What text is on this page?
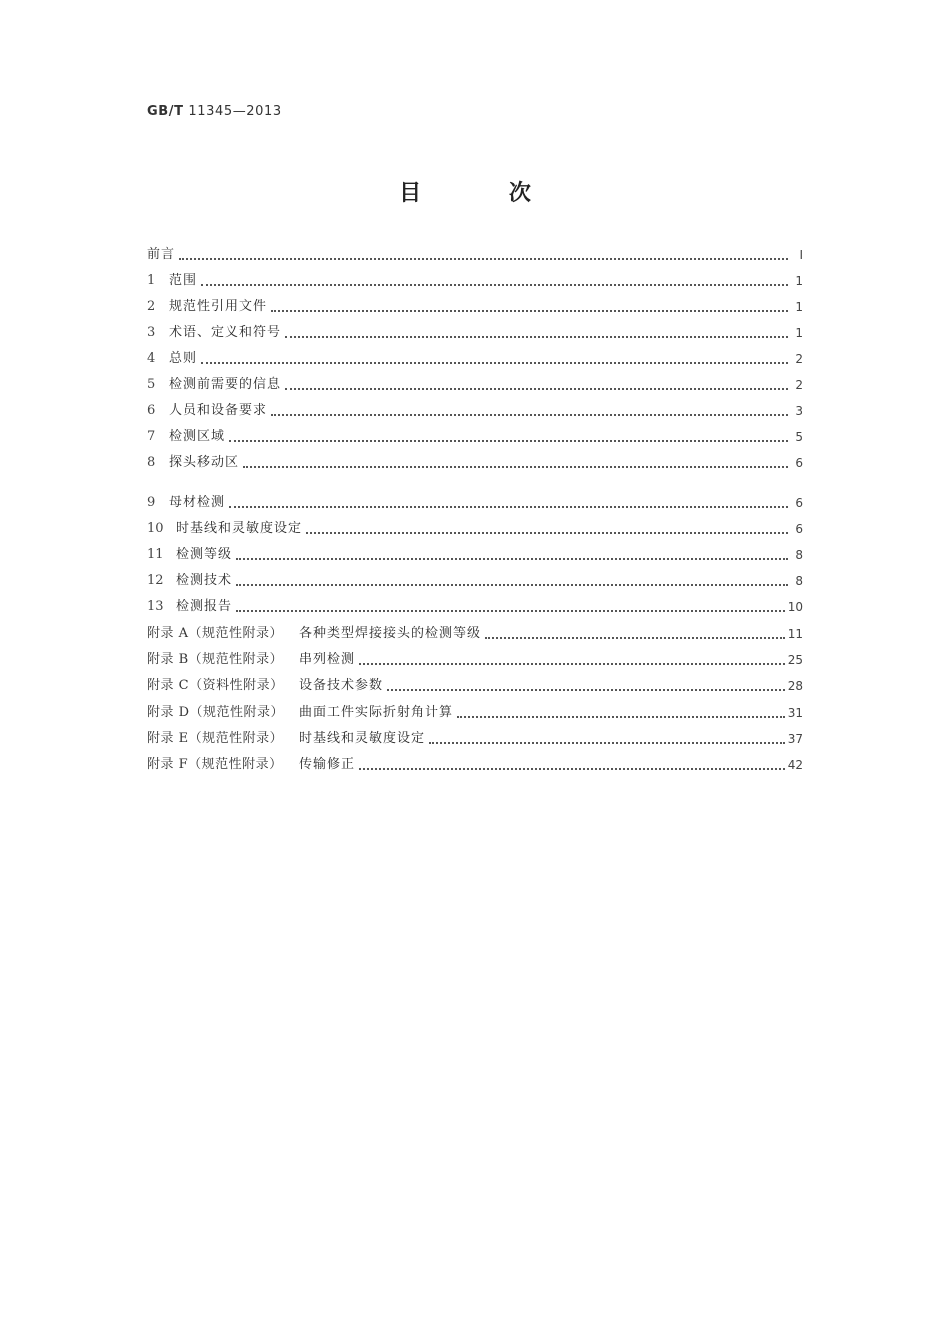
GB/T 11345—2013
目 次
前言	Ⅰ
1	范围	1
2	规范性引用文件	1
3	术语、定义和符号	1
4	总则	2
5	检测前需要的信息	2
6	人员和设备要求	3
7	检测区域	5
8	探头移动区	6
9	母材检测	6
10 时基线和灵敏度设定	6
11 检测等级	8
12 检测技术	8
13 检测报告	10
附录 A（规范性附录）	各种类型焊接接头的检测等级	11
附录 B（规范性附录）	串列检测	25
附录 C（资料性附录）	设备技术参数	28
附录 D（规范性附录）	曲面工件实际折射角计算	31
附录 E（规范性附录）	时基线和灵敏度设定	37
附录 F（规范性附录）	传输修正	42
